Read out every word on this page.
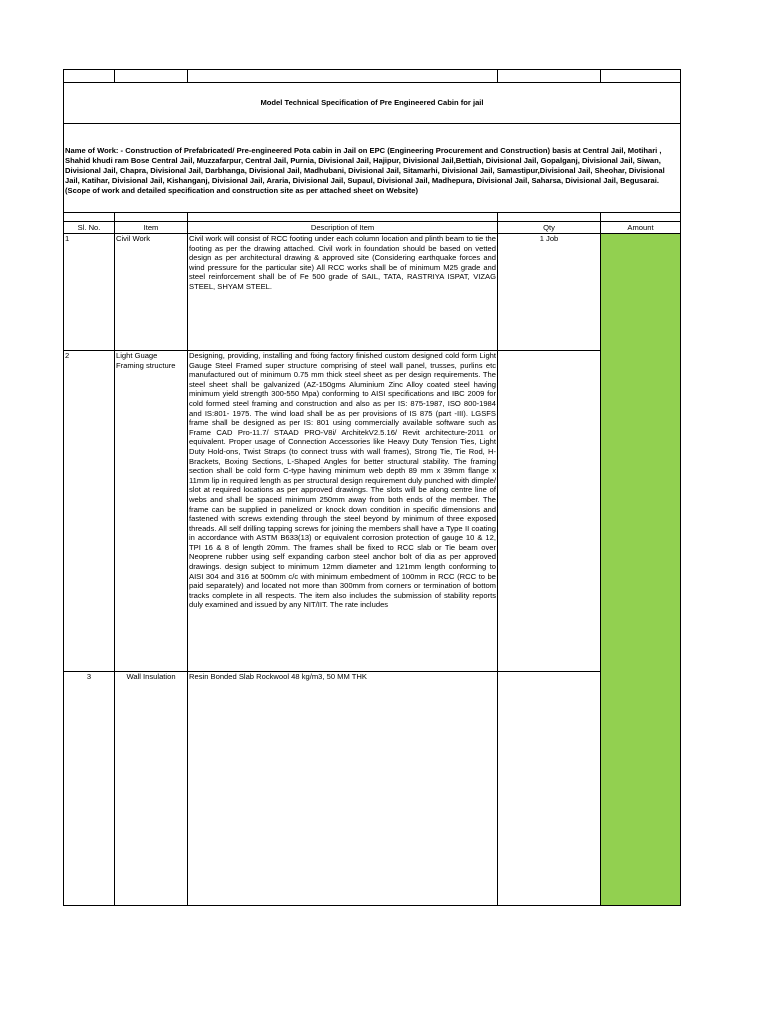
Model Technical Specification of Pre Engineered Cabin for jail				
Name of Work: - Construction of Prefabricated/ Pre-engineered Pota cabin in Jail on EPC (Engineering Procurement and Construction) basis at Central Jail, Motihari , Shahid khudi ram Bose Central Jail, Muzzafarpur, Central Jail, Purnia, Divisional Jail, Hajipur, Divisional Jail,Bettiah, Divisional Jail, Gopalganj, Divisional Jail, Siwan, Divisional Jail, Chapra, Divisional Jail, Darbhanga, Divisional Jail, Madhubani, Divisional Jail, Sitamarhi, Divisional Jail, Samastipur,Divisional Jail, Sheohar, Divisional Jail, Katihar, Divisional Jail, Kishanganj, Divisional Jail, Araria, Divisional Jail, Supaul, Divisional Jail, Madhepura, Divisional Jail, Saharsa, Divisional Jail, Begusarai. (Scope of work and detailed specification and construction site as per attached sheet on Website)				

Sl. No.	Item	Description of Item	Qty	Amount
1	Civil Work	Civil work will consist of RCC footing under each column location and plinth beam to tie the footing as per the drawing attached. Civil work in foundation should be based on vetted design as per architectural drawing & approved site (Considering earthquake forces and wind pressure for the particular site) All RCC works shall be of minimum M25 grade and steel reinforcement shall be of Fe 500 grade of SAIL, TATA, RASTRIYA ISPAT, VIZAG STEEL, SHYAM STEEL.	1 Job	
2	Light Guage Framing structure	Designing, providing, installing and fixing factory finished custom designed cold form Light Gauge Steel Framed super structure comprising of steel wall panel, trusses, purlins etc manufactured out of minimum 0.75 mm thick steel sheet as per design requirements. The steel sheet shall be galvanized (AZ-150gms Aluminium Zinc Alloy coated steel having minimum yield strength 300-550 Mpa) conforming to AISI specifications and IBC 2009 for cold formed steel framing and construction and also as per IS: 875-1987, ISO 800-1984 and IS:801- 1975. The wind load shall be as per provisions of IS 875 (part -III). LGSFS frame shall be designed as per IS: 801 using commercially available software such as Frame CAD Pro-11.7/ STAAD PRO-V8i/ ArchitekV2.5.16/ Revit architecture-2011 or equivalent. Proper usage of Connection Accessories like Heavy Duty Tension Ties, Light Duty Hold-ons, Twist Straps (to connect truss with wall frames), Strong Tie, Tie Rod, H-Brackets, Boxing Sections, L-Shaped Angles for better structural stability. The framing section shall be cold form C-type having minimum web depth 89 mm x 39mm flange x 11mm lip in required length as per structural design requirement duly punched with dimple/ slot at required locations as per approved drawings. The slots will be along centre line of webs and shall be spaced minimum 250mm away from both ends of the member. The frame can be supplied in panelized or knock down condition in specific dimensions and fastened with screws extending through the steel beyond by minimum of three exposed threads. All self drilling tapping screws for joining the members shall have a Type II coating in accordance with ASTM B633(13) or equivalent corrosion protection of gauge 10 & 12, TPI 16 & 8 of length 20mm. The frames shall be fixed to RCC slab or Tie beam over Neoprene rubber using self expanding carbon steel anchor bolt of dia as per approved drawings. design subject to minimum 12mm diameter and 121mm length conforming to AISI 304 and 316 at 500mm c/c with minimum embedment of 100mm in RCC (RCC to be paid separately) and located not more than 300mm from corners or termination of bottom tracks complete in all respects. The item also includes the submission of stability reports duly examined and issued by any NIT/IIT. The rate includes		
3	Wall Insulation	Resin Bonded Slab Rockwool 48 kg/m3, 50 MM THK		
